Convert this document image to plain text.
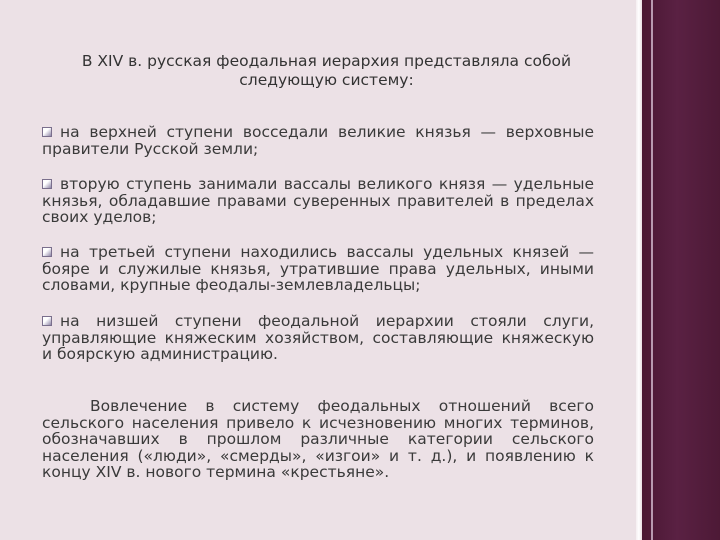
В XIV в. русская феодальная иерархия представляла собой следующую систему:
на верхней ступени восседали великие князья — верховные правители Русской земли;
вторую ступень занимали вассалы великого князя — удельные князья, обладавшие правами суверенных правителей в пределах своих уделов;
на третьей ступени находились вассалы удельных князей — бояре и служилые князья, утратившие права удельных, иными словами, крупные феодалы-землевладельцы;
на низшей ступени феодальной иерархии стояли слуги, управляющие княжеским хозяйством, составляющие княжескую и боярскую администрацию.
Вовлечение в систему феодальных отношений всего сельского населения привело к исчезновению многих терминов, обозначавших в прошлом различные категории сельского населения («люди», «смерды», «изгои» и т. д.), и появлению к концу XIV в. нового термина «крестьяне».
